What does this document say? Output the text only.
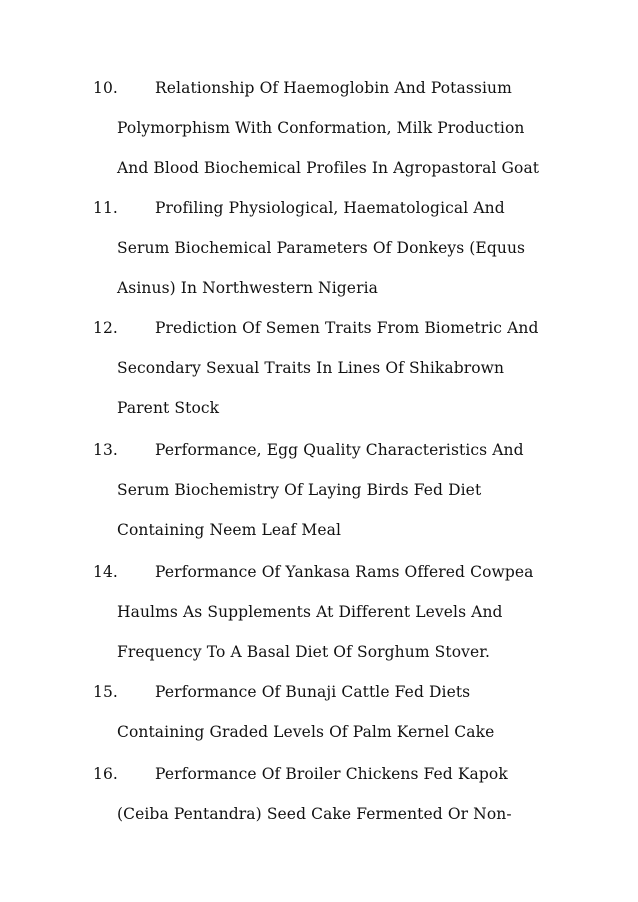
10. Relationship Of Haemoglobin And Potassium
Polymorphism With Conformation, Milk Production
And Blood Biochemical Profiles In Agropastoral Goat
11. Profiling Physiological, Haematological And
Serum Biochemical Parameters Of Donkeys (Equus
Asinus) In Northwestern Nigeria
12. Prediction Of Semen Traits From Biometric And
Secondary Sexual Traits In Lines Of Shikabrown
Parent Stock
13. Performance, Egg Quality Characteristics And
Serum Biochemistry Of Laying Birds Fed Diet
Containing Neem Leaf Meal
14. Performance Of Yankasa Rams Offered Cowpea
Haulms As Supplements At Different Levels And
Frequency To A Basal Diet Of Sorghum Stover.
15. Performance Of Bunaji Cattle Fed Diets
Containing Graded Levels Of Palm Kernel Cake
16. Performance Of Broiler Chickens Fed Kapok
(Ceiba Pentandra) Seed Cake Fermented Or Non-
